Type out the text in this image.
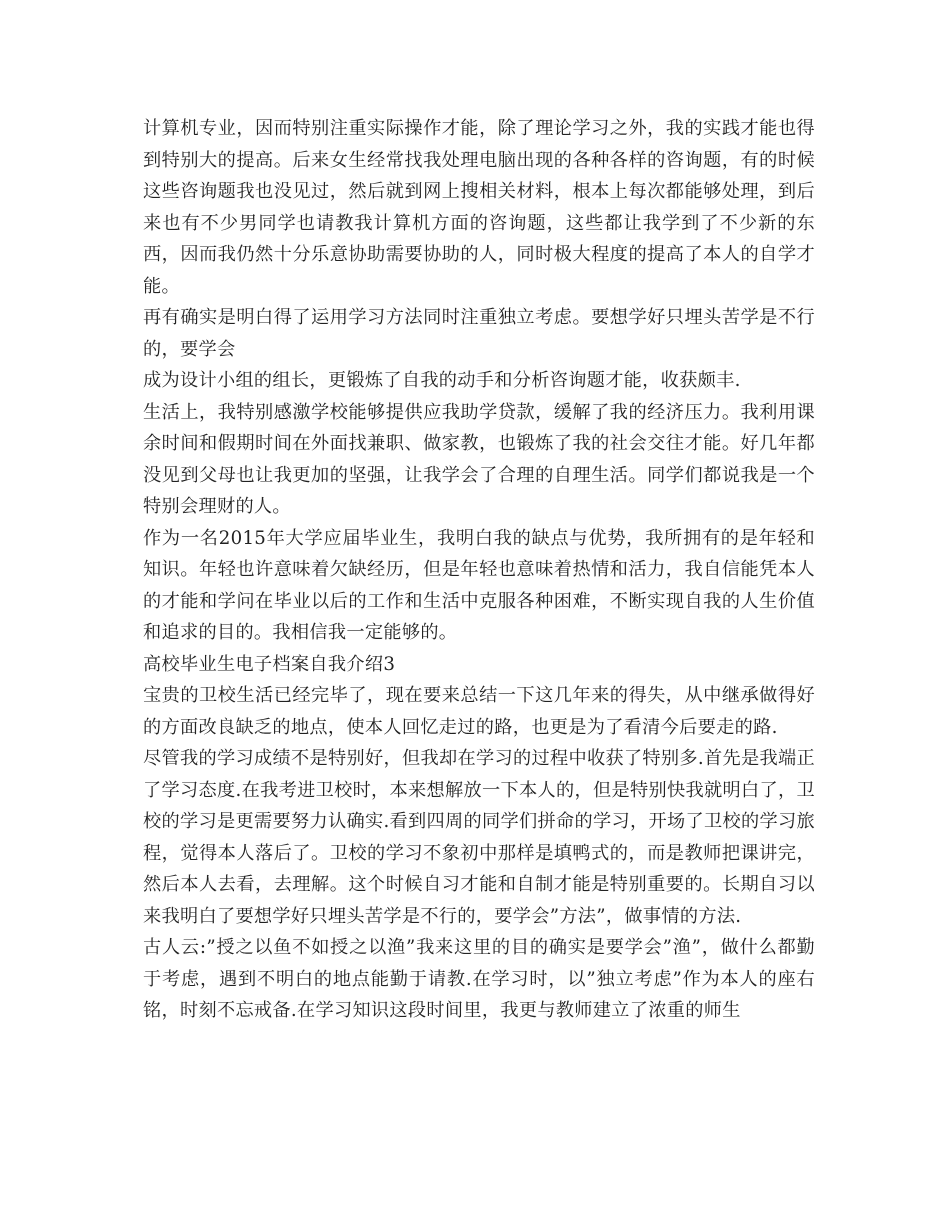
计算机专业，因而特别注重实际操作才能，除了理论学习之外，我的实践才能也得到特别大的提高。后来女生经常找我处理电脑出现的各种各样的咨询题，有的时候这些咨询题我也没见过，然后就到网上搜相关材料，根本上每次都能够处理，到后来也有不少男同学也请教我计算机方面的咨询题，这些都让我学到了不少新的东西，因而我仍然十分乐意协助需要协助的人，同时极大程度的提高了本人的自学才能。

再有确实是明白得了运用学习方法同时注重独立考虑。要想学好只埋头苦学是不行的，要学会

成为设计小组的组长，更锻炼了自我的动手和分析咨询题才能，收获颇丰.

生活上，我特别感激学校能够提供应我助学贷款，缓解了我的经济压力。我利用课余时间和假期时间在外面找兼职、做家教，也锻炼了我的社会交往才能。好几年都没见到父母也让我更加的坚强，让我学会了合理的自理生活。同学们都说我是一个特别会理财的人。

作为一名2015年大学应届毕业生，我明白我的缺点与优势，我所拥有的是年轻和知识。年轻也许意味着欠缺经历，但是年轻也意味着热情和活力，我自信能凭本人的才能和学问在毕业以后的工作和生活中克服各种困难，不断实现自我的人生价值和追求的目的。我相信我一定能够的。

高校毕业生电子档案自我介绍3

宝贵的卫校生活已经完毕了，现在要来总结一下这几年来的得失，从中继承做得好的方面改良缺乏的地点，使本人回忆走过的路，也更是为了看清今后要走的路.

尽管我的学习成绩不是特别好，但我却在学习的过程中收获了特别多.首先是我端正了学习态度.在我考进卫校时，本来想解放一下本人的，但是特别快我就明白了，卫校的学习是更需要努力认确实.看到四周的同学们拼命的学习，开场了卫校的学习旅程，觉得本人落后了。卫校的学习不象初中那样是填鸭式的，而是教师把课讲完，然后本人去看，去理解。这个时候自习才能和自制才能是特别重要的。长期自习以来我明白了要想学好只埋头苦学是不行的，要学会”方法”，做事情的方法.

古人云:”授之以鱼不如授之以渔”我来这里的目的确实是要学会”渔”，做什么都勤于考虑，遇到不明白的地点能勤于请教.在学习时，以”独立考虑”作为本人的座右铭，时刻不忘戒备.在学习知识这段时间里，我更与教师建立了浓重的师生
